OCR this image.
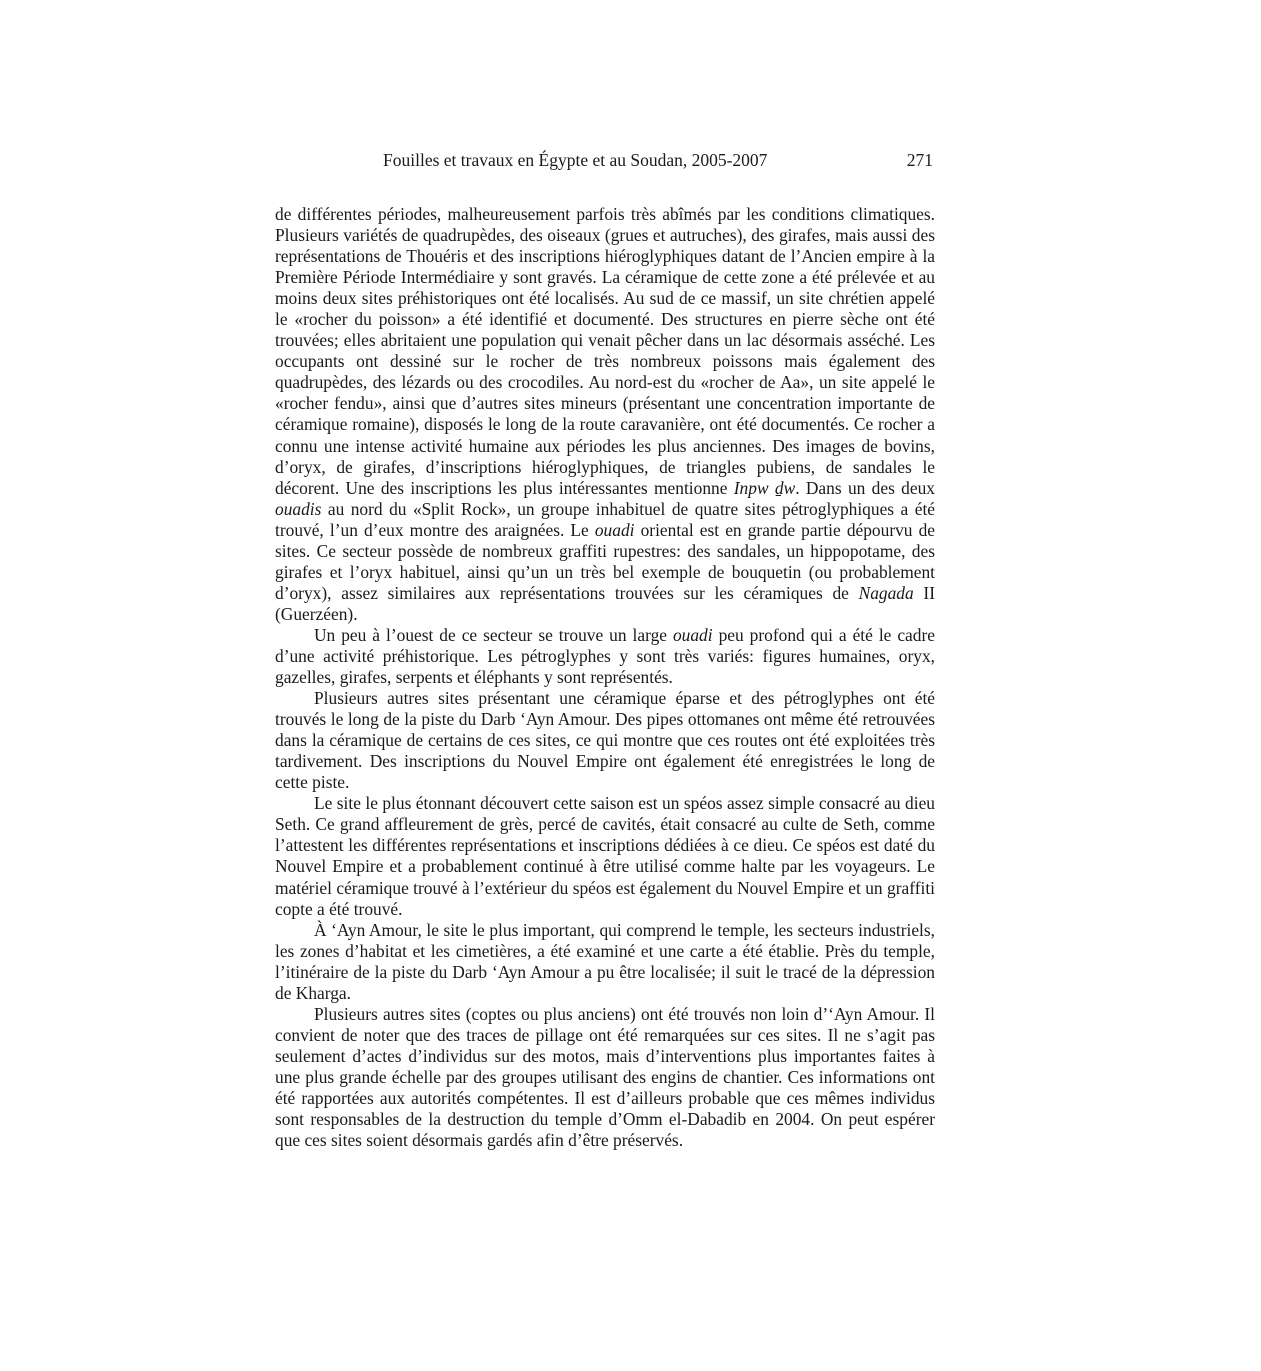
Fouilles et travaux en Égypte et au Soudan, 2005-2007	271

de différentes périodes, malheureusement parfois très abîmés par les conditions climatiques. Plusieurs variétés de quadrupèdes, des oiseaux (grues et autruches), des girafes, mais aussi des représentations de Thouéris et des inscriptions hiéroglyphiques datant de l’Ancien empire à la Première Période Intermédiaire y sont gravés. La céramique de cette zone a été prélevée et au moins deux sites préhistoriques ont été localisés. Au sud de ce massif, un site chrétien appelé le «rocher du poisson» a été identifié et documenté. Des structures en pierre sèche ont été trouvées; elles abritaient une population qui venait pêcher dans un lac désormais asséché. Les occupants ont dessiné sur le rocher de très nombreux poissons mais également des quadrupèdes, des lézards ou des crocodiles. Au nord-est du «rocher de Aa», un site appelé le «rocher fendu», ainsi que d’autres sites mineurs (présentant une concentration importante de céramique romaine), disposés le long de la route caravanière, ont été documentés. Ce rocher a connu une intense activité humaine aux périodes les plus anciennes. Des images de bovins, d’oryx, de girafes, d’inscriptions hiéroglyphiques, de triangles pubiens, de sandales le décorent. Une des inscriptions les plus intéressantes mentionne Inpw ḏw. Dans un des deux ouadis au nord du «Split Rock», un groupe inhabituel de quatre sites pétroglyphiques a été trouvé, l’un d’eux montre des araignées. Le ouadi oriental est en grande partie dépourvu de sites. Ce secteur possède de nombreux graffiti rupestres: des sandales, un hippopotame, des girafes et l’oryx habituel, ainsi qu’un un très bel exemple de bouquetin (ou probablement d’oryx), assez similaires aux représentations trouvées sur les céramiques de Nagada II (Guerzéen).

Un peu à l’ouest de ce secteur se trouve un large ouadi peu profond qui a été le cadre d’une activité préhistorique. Les pétroglyphes y sont très variés: figures humaines, oryx, gazelles, girafes, serpents et éléphants y sont représentés.

Plusieurs autres sites présentant une céramique éparse et des pétroglyphes ont été trouvés le long de la piste du Darb ‘Ayn Amour. Des pipes ottomanes ont même été retrouvées dans la céramique de certains de ces sites, ce qui montre que ces routes ont été exploitées très tardivement. Des inscriptions du Nouvel Empire ont également été enregistrées le long de cette piste.

Le site le plus étonnant découvert cette saison est un spéos assez simple consacré au dieu Seth. Ce grand affleurement de grès, percé de cavités, était consacré au culte de Seth, comme l’attestent les différentes représentations et inscriptions dédiées à ce dieu. Ce spéos est daté du Nouvel Empire et a probablement continué à être utilisé comme halte par les voyageurs. Le matériel céramique trouvé à l’extérieur du spéos est également du Nouvel Empire et un graffiti copte a été trouvé.

À ‘Ayn Amour, le site le plus important, qui comprend le temple, les secteurs industriels, les zones d’habitat et les cimetières, a été examiné et une carte a été établie. Près du temple, l’itinéraire de la piste du Darb ‘Ayn Amour a pu être localisée; il suit le tracé de la dépression de Kharga.

Plusieurs autres sites (coptes ou plus anciens) ont été trouvés non loin d’‘Ayn Amour. Il convient de noter que des traces de pillage ont été remarquées sur ces sites. Il ne s’agit pas seulement d’actes d’individus sur des motos, mais d’interventions plus importantes faites à une plus grande échelle par des groupes utilisant des engins de chantier. Ces informations ont été rapportées aux autorités compétentes. Il est d’ailleurs probable que ces mêmes individus sont responsables de la destruction du temple d’Omm el-Dabadib en 2004. On peut espérer que ces sites soient désormais gardés afin d’être préservés.
